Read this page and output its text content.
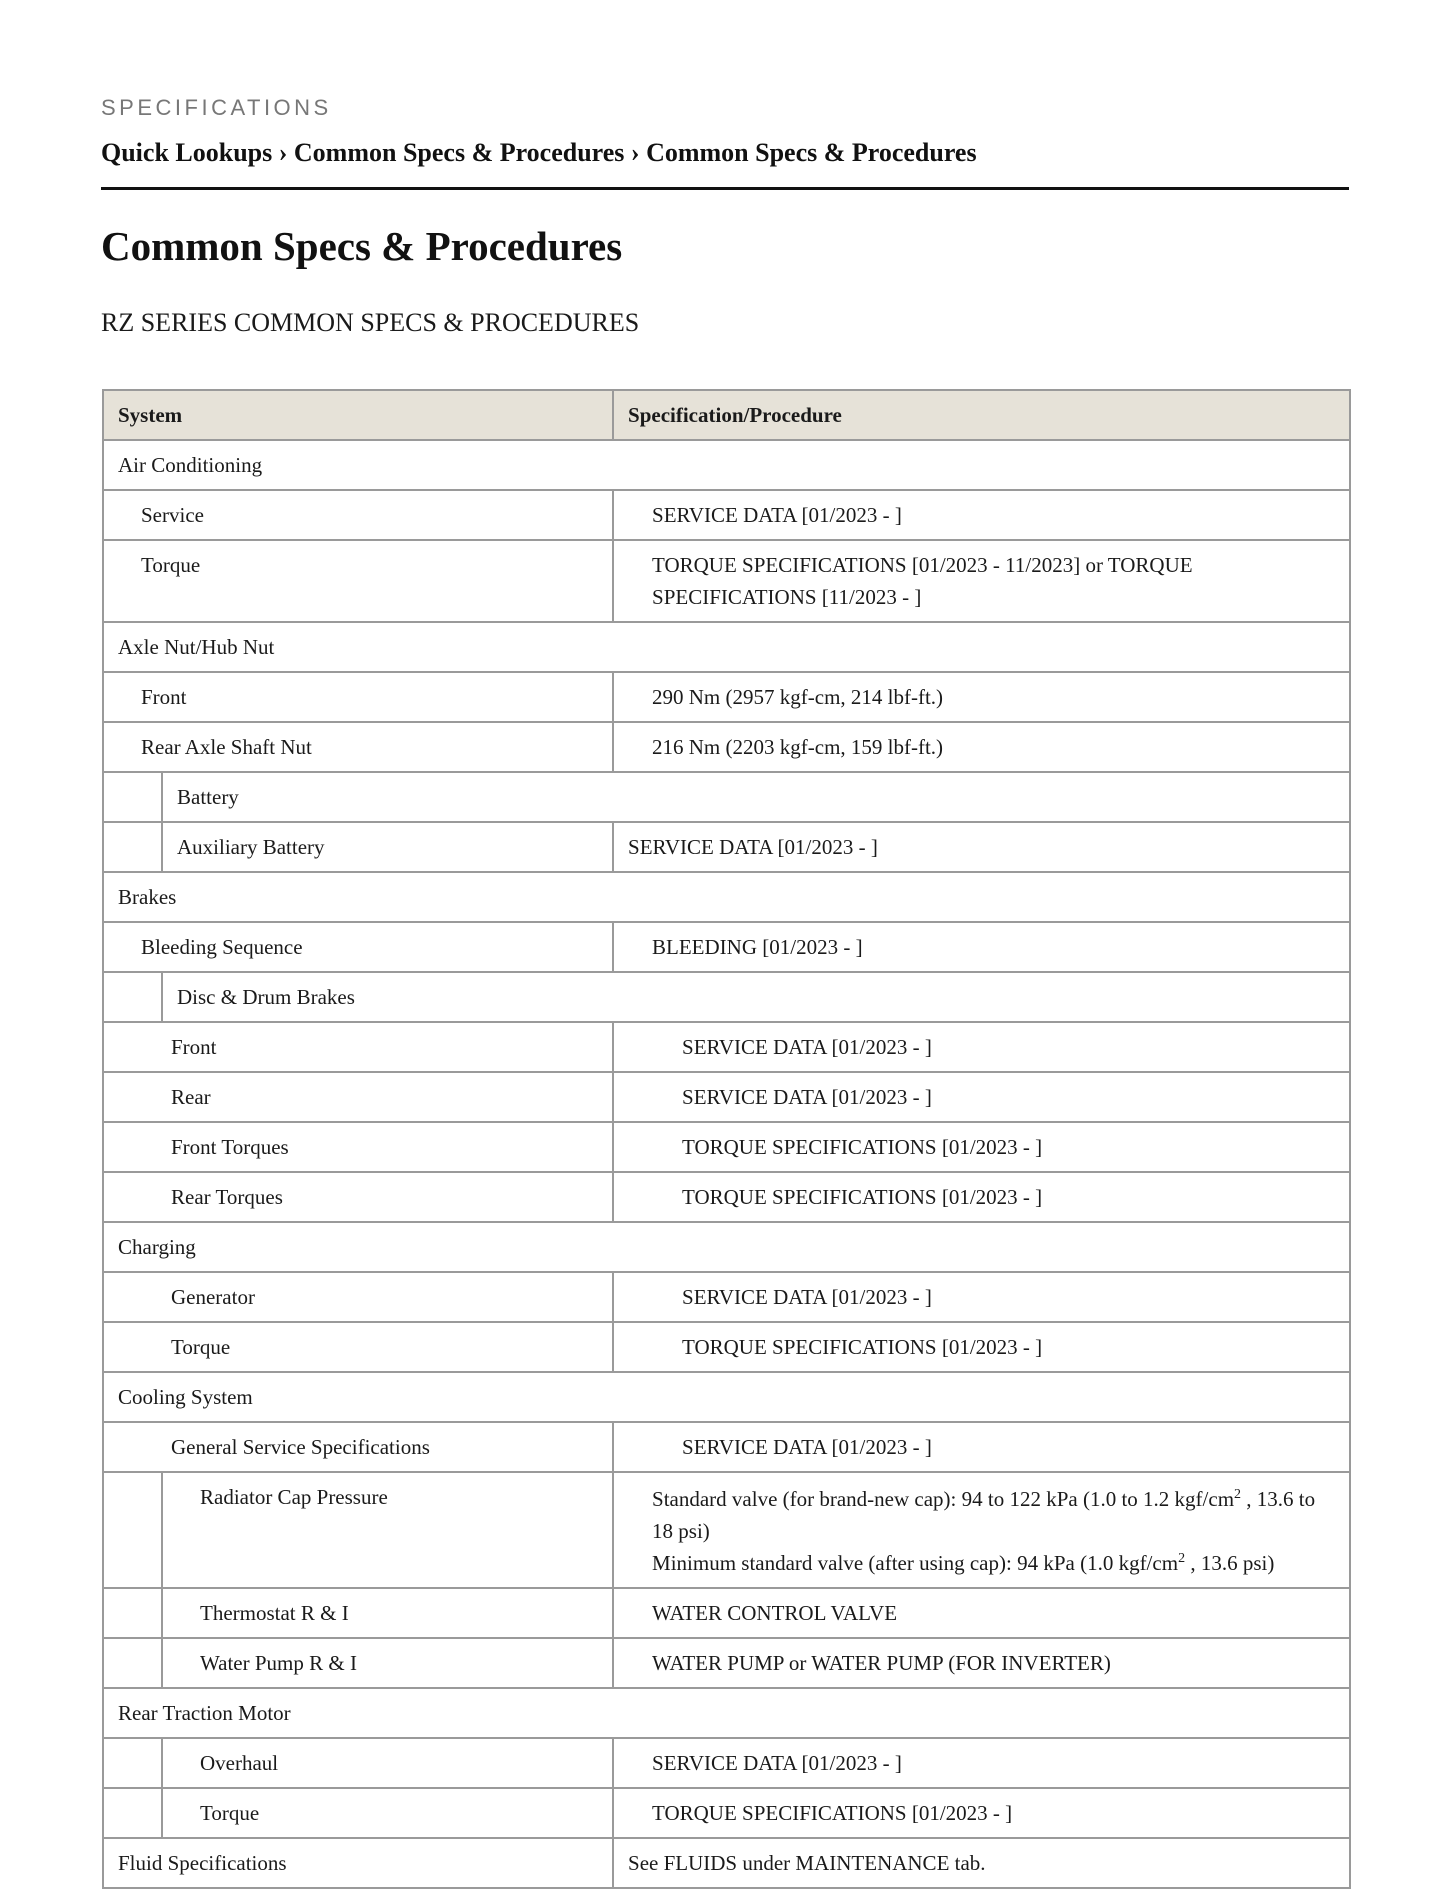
SPECIFICATIONS
Quick Lookups › Common Specs & Procedures › Common Specs & Procedures
Common Specs & Procedures
RZ SERIES COMMON SPECS & PROCEDURES
System		Specification/Procedure
Air Conditioning		
Service		SERVICE DATA [01/2023 - ]
Torque		TORQUE SPECIFICATIONS [01/2023 - 11/2023] or TORQUE SPECIFICATIONS [11/2023 - ]
Axle Nut/Hub Nut		
Front		290 Nm (2957 kgf-cm, 214 lbf-ft.)
Rear Axle Shaft Nut		216 Nm (2203 kgf-cm, 159 lbf-ft.)
	Battery	
	Auxiliary Battery	SERVICE DATA [01/2023 - ]
Brakes		
Bleeding Sequence		BLEEDING [01/2023 - ]
	Disc & Drum Brakes	
Front		SERVICE DATA [01/2023 - ]
Rear		SERVICE DATA [01/2023 - ]
Front Torques		TORQUE SPECIFICATIONS [01/2023 - ]
Rear Torques		TORQUE SPECIFICATIONS [01/2023 - ]
Charging		
Generator		SERVICE DATA [01/2023 - ]
Torque		TORQUE SPECIFICATIONS [01/2023 - ]
Cooling System		
General Service Specifications		SERVICE DATA [01/2023 - ]
	Radiator Cap Pressure	Standard valve (for brand-new cap): 94 to 122 kPa (1.0 to 1.2 kgf/$cm^2$ , 13.6 to 18 psi)
Minimum standard valve (after using cap): 94 kPa (1.0 kgf/$cm^2$ , 13.6 psi)
	Thermostat R & I	WATER CONTROL VALVE
	Water Pump R & I	WATER PUMP or WATER PUMP (FOR INVERTER)
Rear Traction Motor		
	Overhaul	SERVICE DATA [01/2023 - ]
	Torque	TORQUE SPECIFICATIONS [01/2023 - ]
Fluid Specifications		See FLUIDS under MAINTENANCE tab.
